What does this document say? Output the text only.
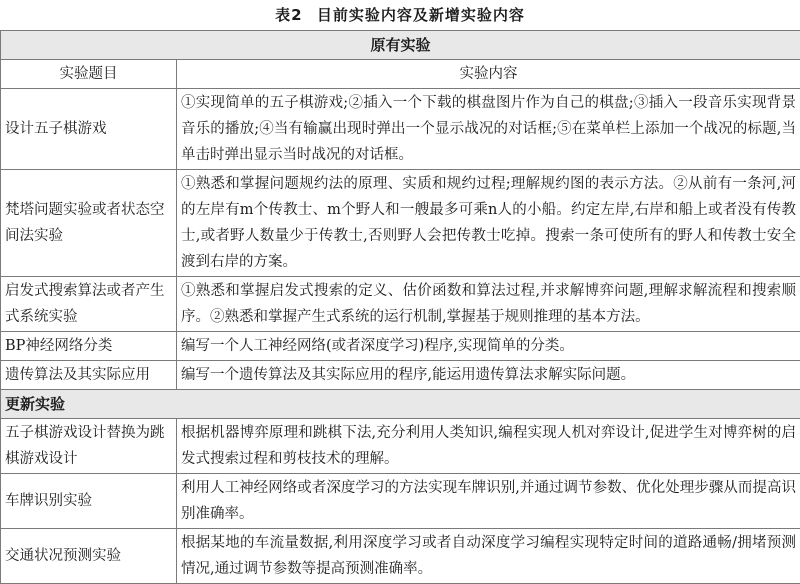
表2 目前实验内容及新增实验内容
原有实验	
实验题目	实验内容
设计五子棋游戏	①实现简单的五子棋游戏;②插入一个下载的棋盘图片作为自己的棋盘;③插入一段音乐实现背景音乐的播放;④当有输赢出现时弹出一个显示战况的对话框;⑤在菜单栏上添加一个战况的标题,当单击时弹出显示当时战况的对话框。
梵塔问题实验或者状态空间法实验	①熟悉和掌握问题规约法的原理、实质和规约过程;理解规约图的表示方法。②从前有一条河,河的左岸有m个传教士、m个野人和一艘最多可乘n人的小船。约定左岸,右岸和船上或者没有传教士,或者野人数量少于传教士,否则野人会把传教士吃掉。搜索一条可使所有的野人和传教士安全渡到右岸的方案。
启发式搜索算法或者产生式系统实验	①熟悉和掌握启发式搜索的定义、估价函数和算法过程,并求解博弈问题,理解求解流程和搜索顺序。②熟悉和掌握产生式系统的运行机制,掌握基于规则推理的基本方法。
BP神经网络分类	编写一个人工神经网络(或者深度学习)程序,实现简单的分类。
遗传算法及其实际应用	编写一个遗传算法及其实际应用的程序,能运用遗传算法求解实际问题。
更新实验	
五子棋游戏设计替换为跳棋游戏设计	根据机器博弈原理和跳棋下法,充分利用人类知识,编程实现人机对弈设计,促进学生对博弈树的启发式搜索过程和剪枝技术的理解。
车牌识别实验	利用人工神经网络或者深度学习的方法实现车牌识别,并通过调节参数、优化处理步骤从而提高识别准确率。
交通状况预测实验	根据某地的车流量数据,利用深度学习或者自动深度学习编程实现特定时间的道路通畅/拥堵预测情况,通过调节参数等提高预测准确率。
